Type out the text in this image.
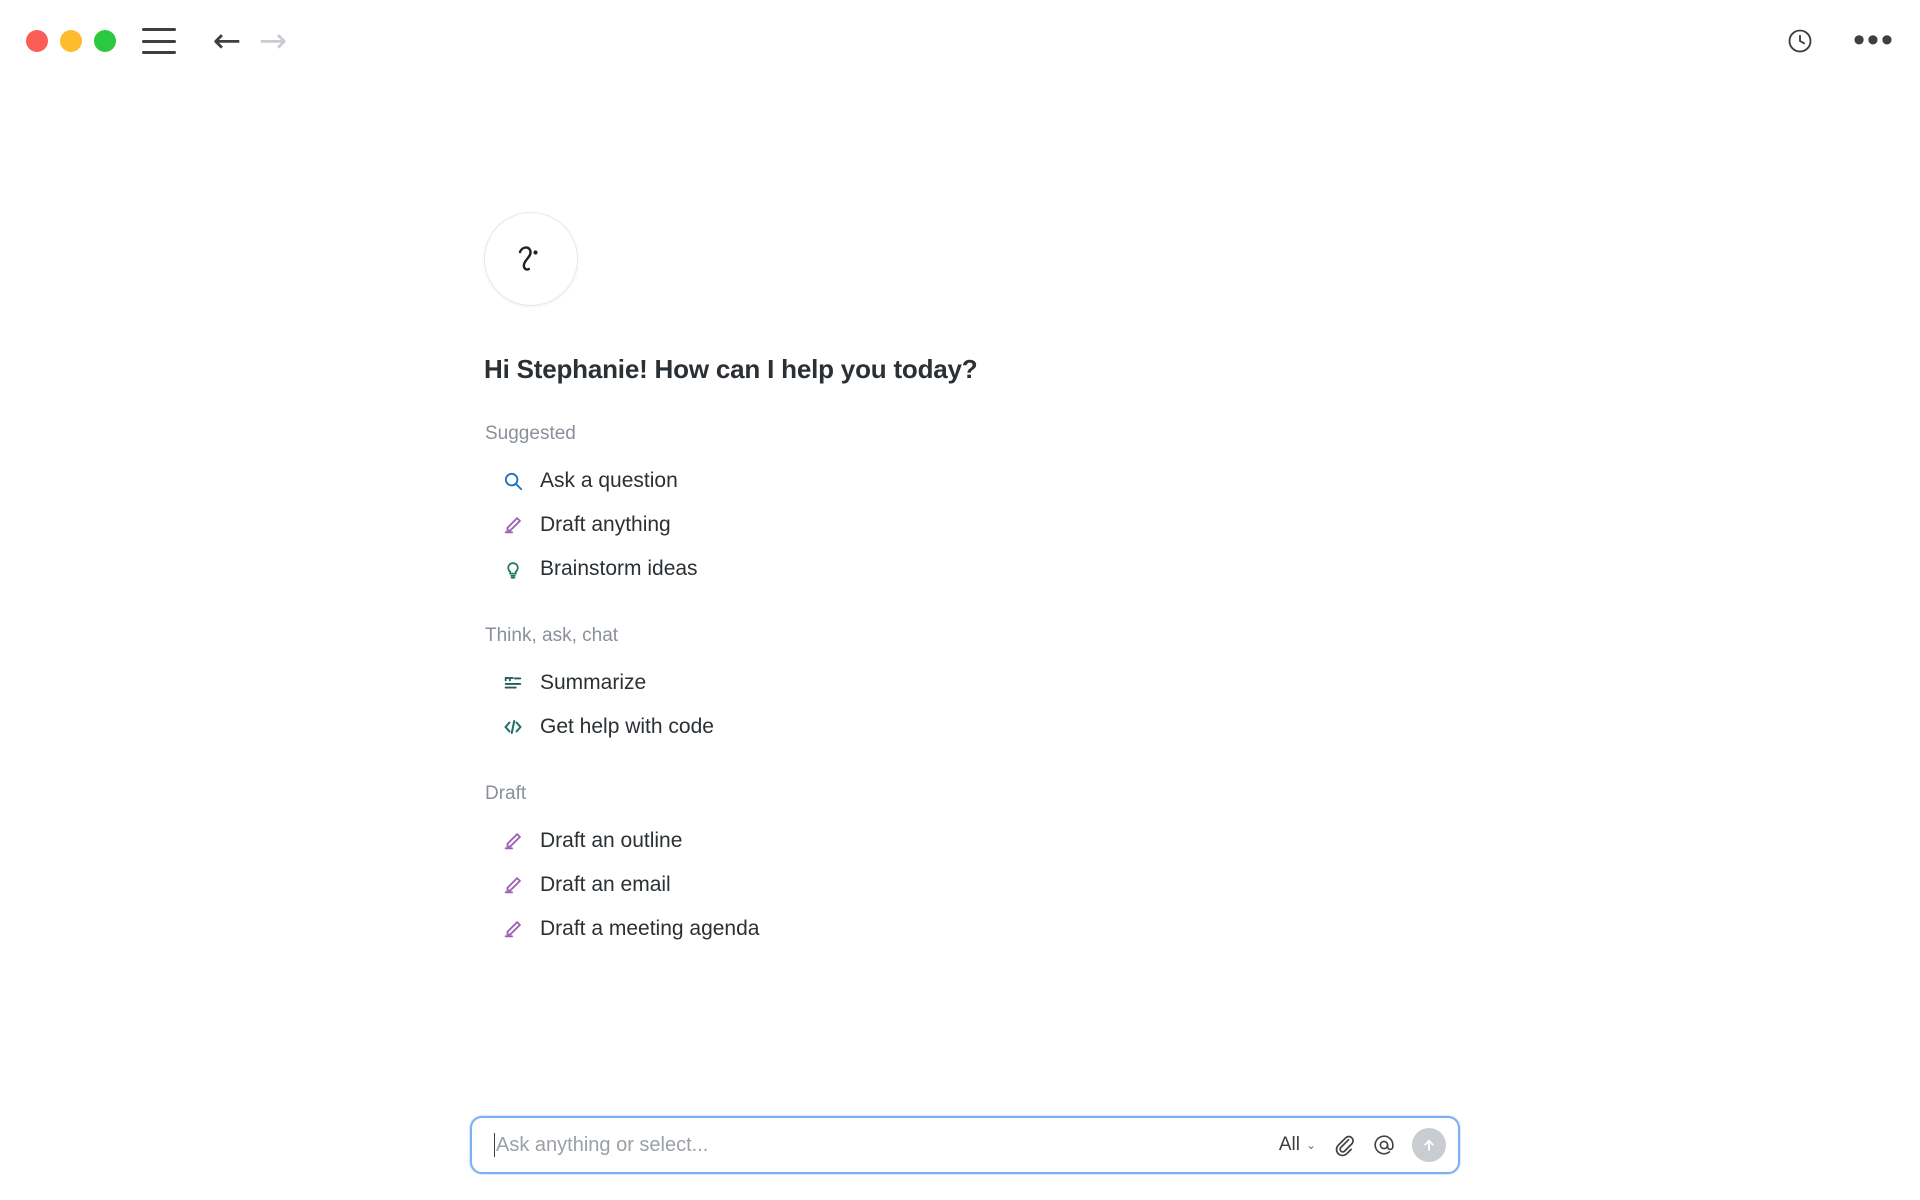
← →	•••
Hi Stephanie! How can I help you today?
Suggested
Ask a question
Draft anything
Brainstorm ideas
Think, ask, chat
Summarize
Get help with code
Draft
Draft an outline
Draft an email
Draft a meeting agenda
Ask anything or select...
All ⌄
